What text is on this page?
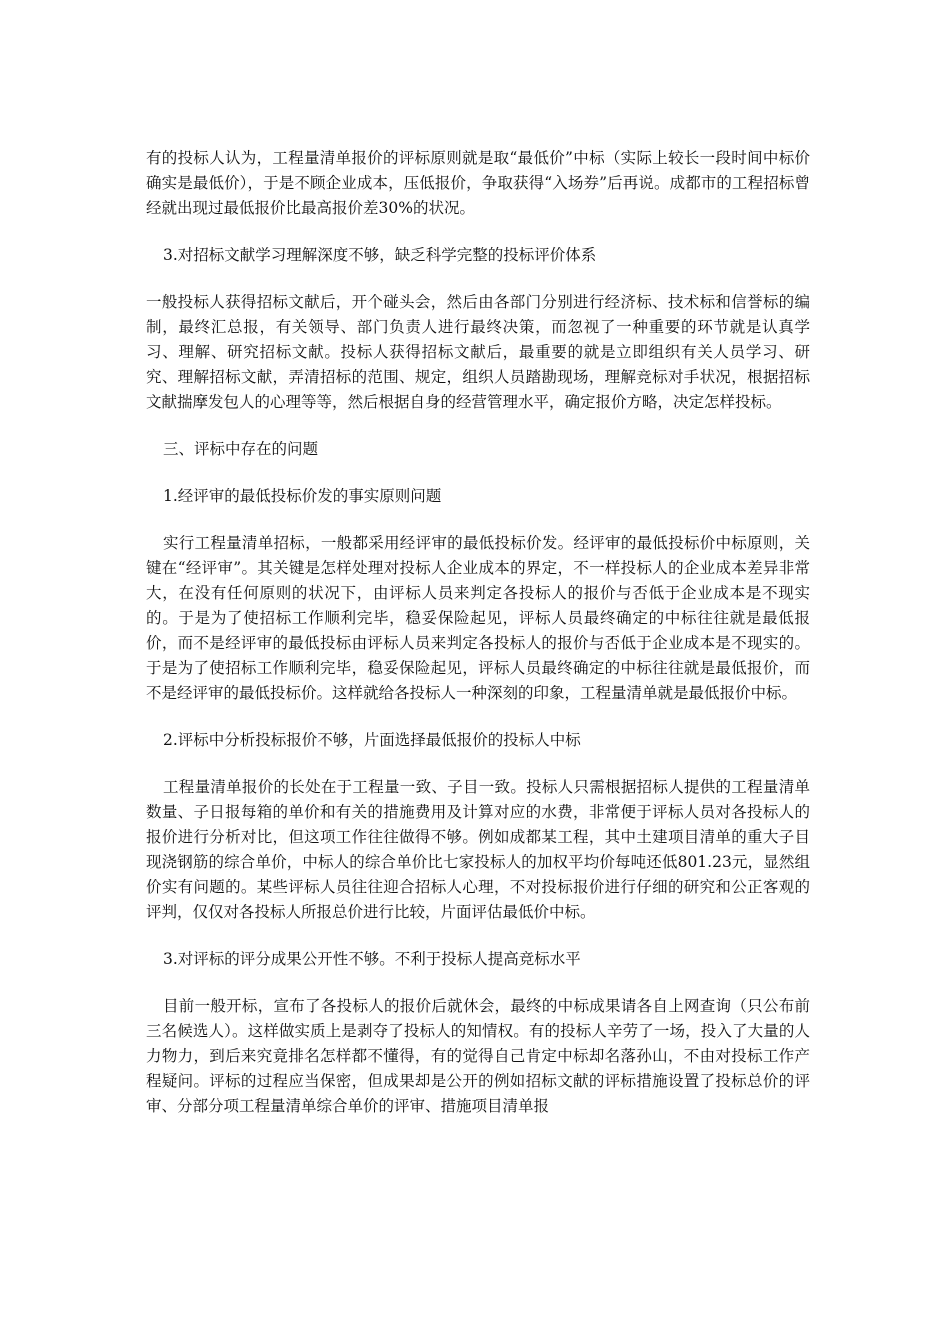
有的投标人认为，工程量清单报价的评标原则就是取“最低价”中标（实际上较长一段时间中标价确实是最低价），于是不顾企业成本，压低报价，争取获得“入场券”后再说。成都市的工程招标曾经就出现过最低报价比最高报价差30%的状况。

3.对招标文献学习理解深度不够，缺乏科学完整的投标评价体系

一般投标人获得招标文献后，开个碰头会，然后由各部门分别进行经济标、技术标和信誉标的编制，最终汇总报，有关领导、部门负责人进行最终决策，而忽视了一种重要的环节就是认真学习、理解、研究招标文献。投标人获得招标文献后，最重要的就是立即组织有关人员学习、研究、理解招标文献，弄清招标的范围、规定，组织人员踏勘现场，理解竞标对手状况，根据招标文献揣摩发包人的心理等等，然后根据自身的经营管理水平，确定报价方略，决定怎样投标。

三、评标中存在的问题

1.经评审的最低投标价发的事实原则问题

实行工程量清单招标，一般都采用经评审的最低投标价发。经评审的最低投标价中标原则，关键在“经评审”。其关键是怎样处理对投标人企业成本的界定，不一样投标人的企业成本差异非常大，在没有任何原则的状况下，由评标人员来判定各投标人的报价与否低于企业成本是不现实的。于是为了使招标工作顺利完毕，稳妥保险起见，评标人员最终确定的中标往往就是最低报价，而不是经评审的最低投标由评标人员来判定各投标人的报价与否低于企业成本是不现实的。于是为了使招标工作顺利完毕，稳妥保险起见，评标人员最终确定的中标往往就是最低报价，而不是经评审的最低投标价。这样就给各投标人一种深刻的印象，工程量清单就是最低报价中标。

2.评标中分析投标报价不够，片面选择最低报价的投标人中标

工程量清单报价的长处在于工程量一致、子目一致。投标人只需根据招标人提供的工程量清单数量、子日报每箱的单价和有关的措施费用及计算对应的水费，非常便于评标人员对各投标人的报价进行分析对比，但这项工作往往做得不够。例如成都某工程，其中土建项目清单的重大子目现浇钢筋的综合单价，中标人的综合单价比七家投标人的加权平均价每吨还低801.23元，显然组价实有问题的。某些评标人员往往迎合招标人心理，不对投标报价进行仔细的研究和公正客观的评判，仅仅对各投标人所报总价进行比较，片面评估最低价中标。

3.对评标的评分成果公开性不够。不利于投标人提高竞标水平

目前一般开标，宣布了各投标人的报价后就休会，最终的中标成果请各自上网查询（只公布前三名候选人）。这样做实质上是剥夺了投标人的知情权。有的投标人辛劳了一场，投入了大量的人力物力，到后来究竟排名怎样都不懂得，有的觉得自己肯定中标却名落孙山，不由对投标工作产程疑问。评标的过程应当保密，但成果却是公开的例如招标文献的评标措施设置了投标总价的评审、分部分项工程量清单综合单价的评审、措施项目清单报
